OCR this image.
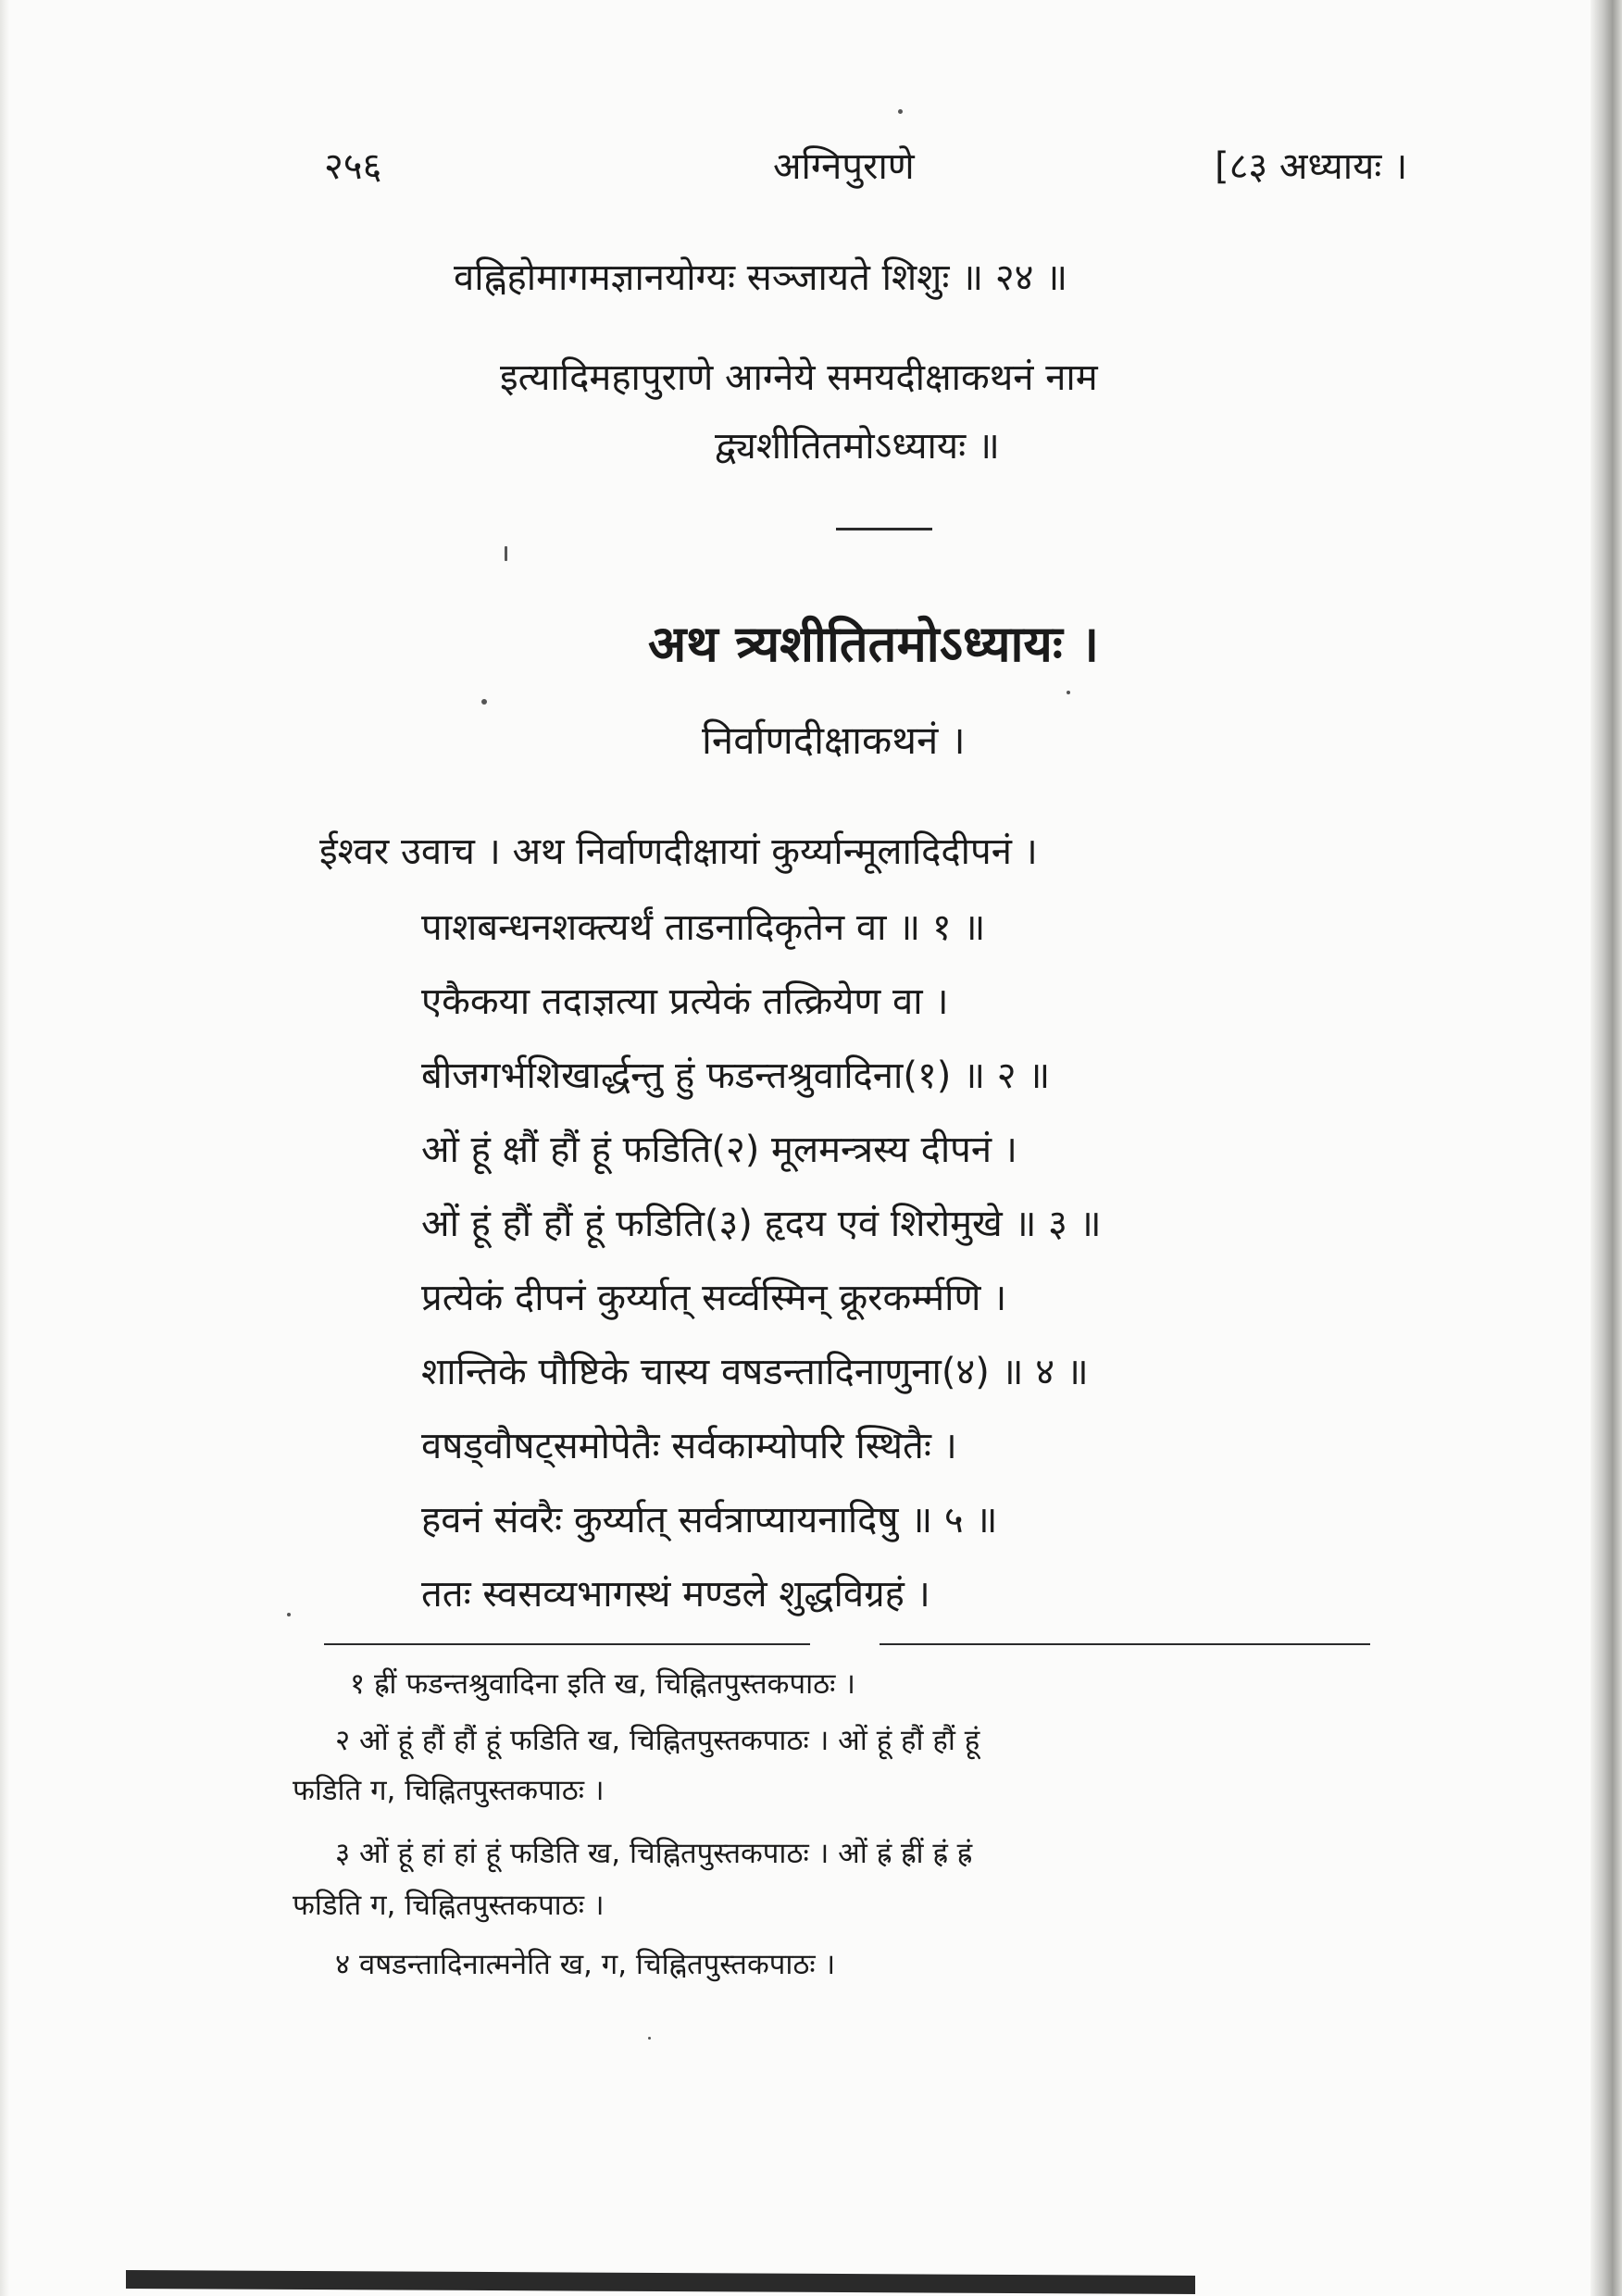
२५६	अग्निपुराणे	[८३ अध्यायः ।
वह्निहोमागमज्ञानयोग्यः सञ्जायते शिशुः ॥ २४ ॥
इत्यादिमहापुराणे आग्नेये समयदीक्षाकथनं नाम
द्व्यशीतितमोऽध्यायः ॥
अथ त्र्यशीतितमोऽध्यायः ।
निर्वाणदीक्षाकथनं ।
ईश्वर उवाच । अथ निर्वाणदीक्षायां कुर्य्यान्मूलादिदीपनं ।
पाशबन्धनशक्त्यर्थं ताडनादिकृतेन वा ॥ १ ॥
एकैकया तदाज्ञत्या प्रत्येकं तत्क्रियेण वा ।
बीजगर्भशिखार्द्धन्तु हुं फडन्तश्रुवादिना(१) ॥ २ ॥
ओं हूं क्षौं हौं हूं फडिति(२) मूलमन्त्रस्य दीपनं ।
ओं हूं हौं हौं हूं फडिति(३) हृदय एवं शिरोमुखे ॥ ३ ॥
प्रत्येकं दीपनं कुर्य्यात् सर्व्वस्मिन् क्रूरकर्म्मणि ।
शान्तिके पौष्टिके चास्य वषडन्तादिनाणुना(४) ॥ ४ ॥
वषड्वौषट्समोपेतैः सर्वकाम्योपरि स्थितैः ।
हवनं संवरैः कुर्य्यात् सर्वत्राप्यायनादिषु ॥ ५ ॥
ततः स्वसव्यभागस्थं मण्डले शुद्धविग्रहं ।
१ ह्रीं फडन्तश्रुवादिना इति ख, चिह्नितपुस्तकपाठः ।
२ ओं हूं हौं हौं हूं फडिति ख, चिह्नितपुस्तकपाठः । ओं हूं हौं हौं हूं
फडिति ग, चिह्नितपुस्तकपाठः ।
३ ओं हूं हां हां हूं फडिति ख, चिह्नितपुस्तकपाठः । ओं ह्रं ह्रीं ह्रं ह्रं
फडिति ग, चिह्नितपुस्तकपाठः ।
४ वषडन्तादिनात्मनेति ख, ग, चिह्नितपुस्तकपाठः ।
